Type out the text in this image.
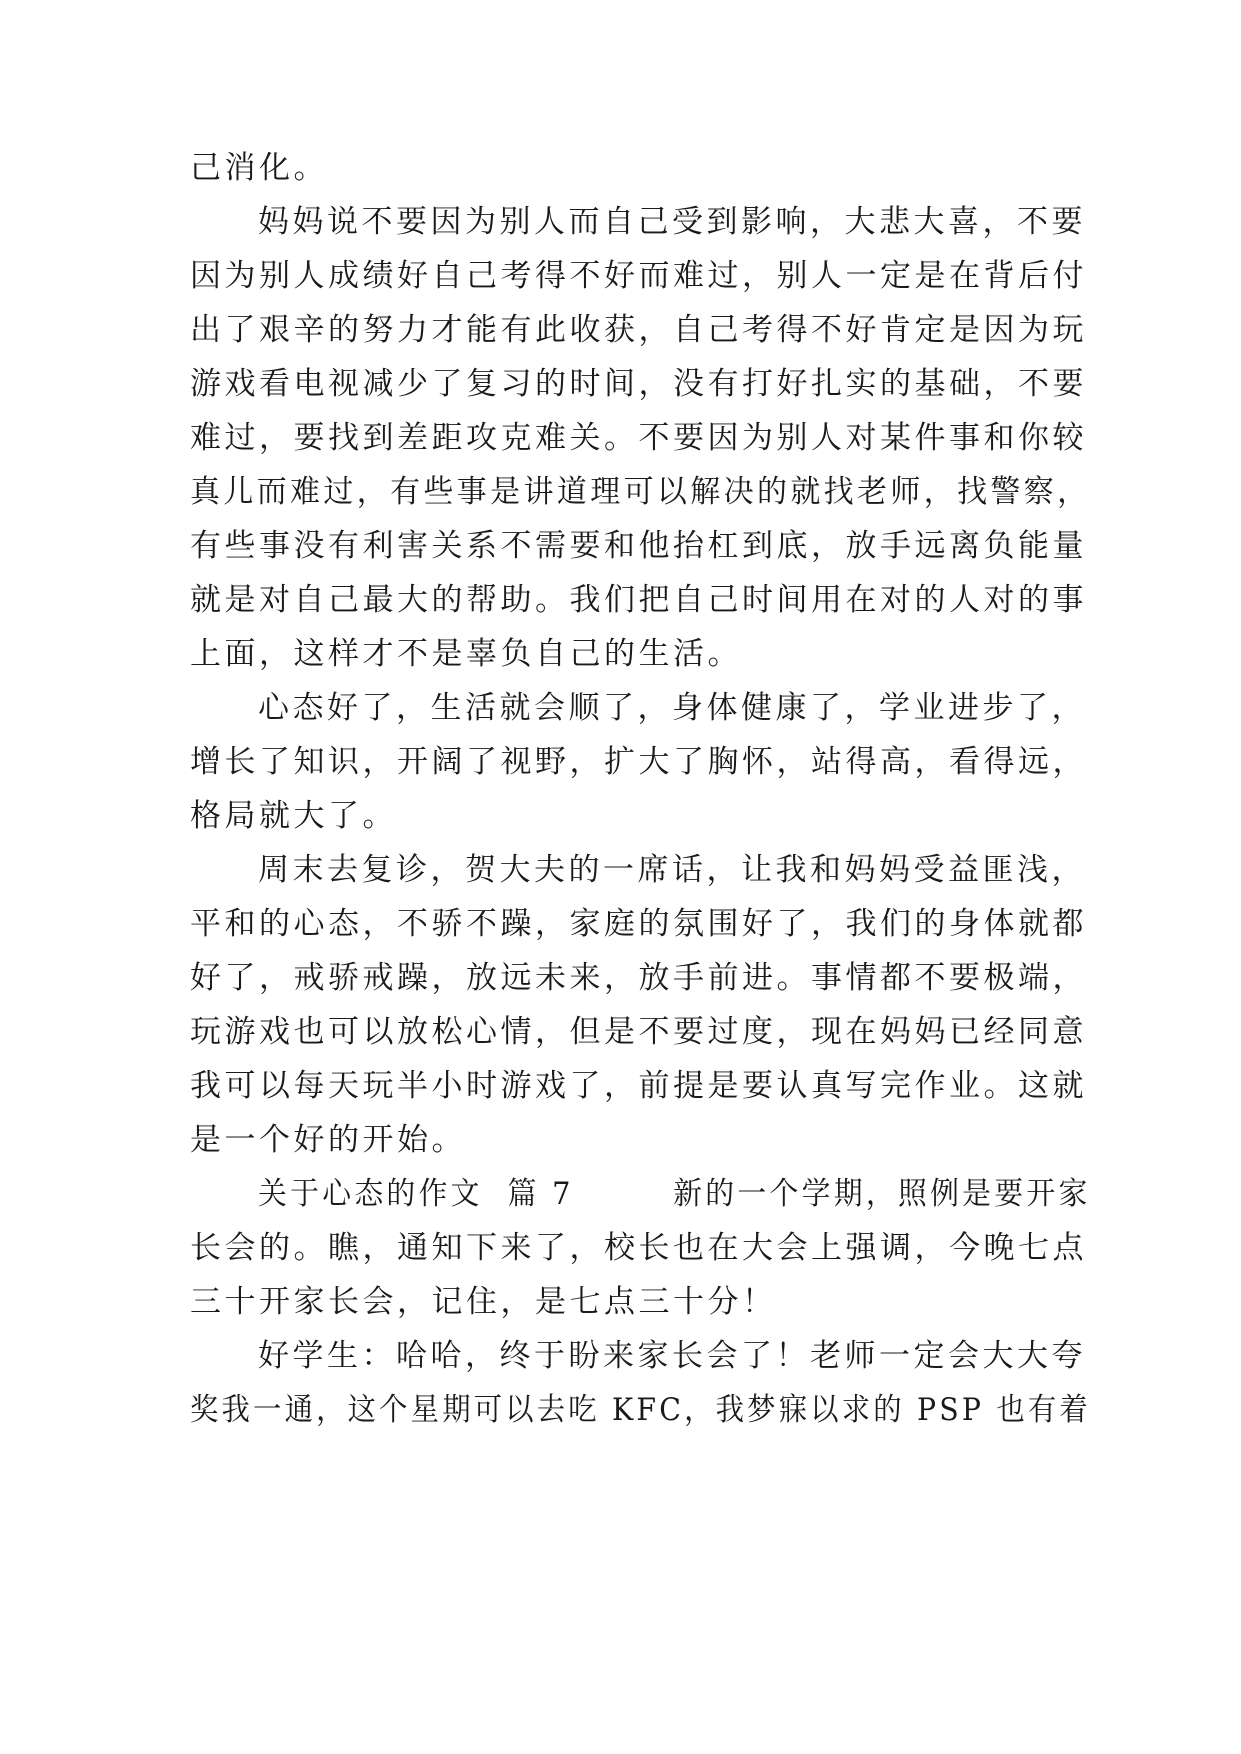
己消化。
妈妈说不要因为别人而自己受到影响，大悲大喜，不要
因为别人成绩好自己考得不好而难过，别人一定是在背后付
出了艰辛的努力才能有此收获，自己考得不好肯定是因为玩
游戏看电视减少了复习的时间，没有打好扎实的基础，不要
难过，要找到差距攻克难关。不要因为别人对某件事和你较
真儿而难过，有些事是讲道理可以解决的就找老师，找警察，
有些事没有利害关系不需要和他抬杠到底，放手远离负能量
就是对自己最大的帮助。我们把自己时间用在对的人对的事
上面，这样才不是辜负自己的生活。
心态好了，生活就会顺了，身体健康了，学业进步了，
增长了知识，开阔了视野，扩大了胸怀，站得高，看得远，
格局就大了。
周末去复诊，贺大夫的一席话，让我和妈妈受益匪浅，
平和的心态，不骄不躁，家庭的氛围好了，我们的身体就都
好了，戒骄戒躁，放远未来，放手前进。事情都不要极端，
玩游戏也可以放松心情，但是不要过度，现在妈妈已经同意
我可以每天玩半小时游戏了，前提是要认真写完作业。这就
是一个好的开始。
关于心态的作文  篇 7        新的一个学期，照例是要开家
长会的。瞧，通知下来了，校长也在大会上强调，今晚七点
三十开家长会，记住，是七点三十分！
好学生：哈哈，终于盼来家长会了！老师一定会大大夸
奖我一通，这个星期可以去吃 KFC，我梦寐以求的 PSP 也有着
